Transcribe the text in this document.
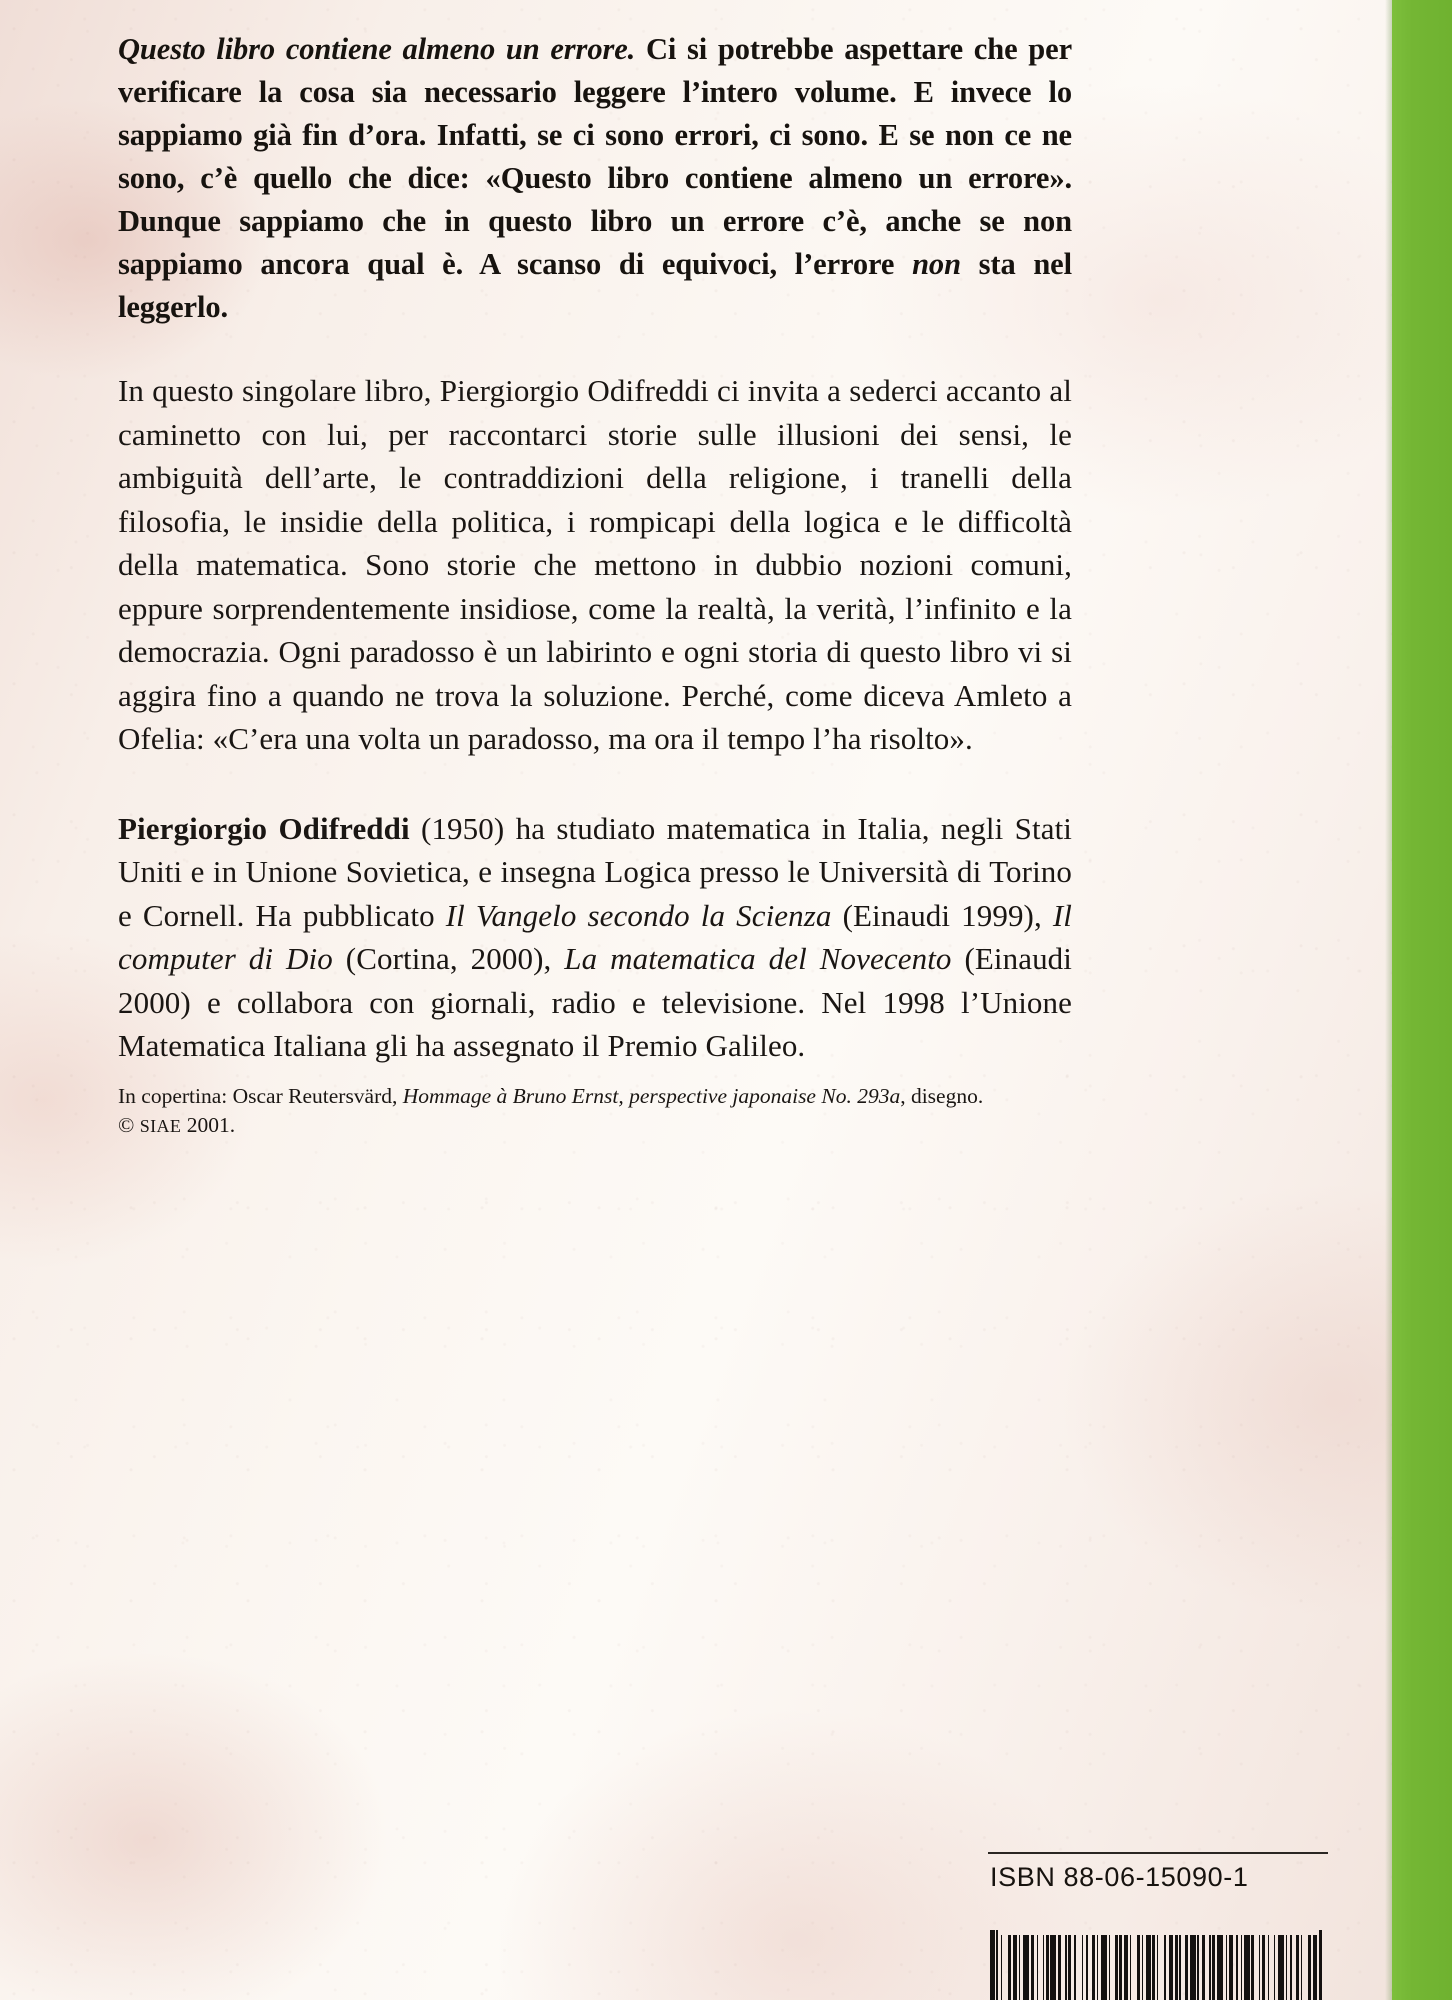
Questo libro contiene almeno un errore. Ci si potrebbe aspettare che per verificare la cosa sia necessario leggere l’intero volume. E invece lo sappiamo già fin d’ora. Infatti, se ci sono errori, ci sono. E se non ce ne sono, c’è quello che dice: «Questo libro contiene almeno un errore». Dunque sappiamo che in questo libro un errore c’è, anche se non sappiamo ancora qual è. A scanso di equivoci, l’errore non sta nel leggerlo.

In questo singolare libro, Piergiorgio Odifreddi ci invita a sederci accanto al caminetto con lui, per raccontarci storie sulle illusioni dei sensi, le ambiguità dell’arte, le contraddizioni della religione, i tranelli della filosofia, le insidie della politica, i rompicapi della logica e le difficoltà della matematica. Sono storie che mettono in dubbio nozioni comuni, eppure sorprendentemente insidiose, come la realtà, la verità, l’infinito e la democrazia. Ogni paradosso è un labirinto e ogni storia di questo libro vi si aggira fino a quando ne trova la soluzione. Perché, come diceva Amleto a Ofelia: «C’era una volta un paradosso, ma ora il tempo l’ha risolto».

Piergiorgio Odifreddi (1950) ha studiato matematica in Italia, negli Stati Uniti e in Unione Sovietica, e insegna Logica presso le Università di Torino e Cornell. Ha pubblicato Il Vangelo secondo la Scienza (Einaudi 1999), Il computer di Dio (Cortina, 2000), La matematica del Novecento (Einaudi 2000) e collabora con giornali, radio e televisione. Nel 1998 l’Unione Matematica Italiana gli ha assegnato il Premio Galileo.

In copertina: Oscar Reutersvärd, Hommage à Bruno Ernst, perspective japonaise No. 293a, disegno.
© SIAE 2001.

ISBN 88-06-15090-1
